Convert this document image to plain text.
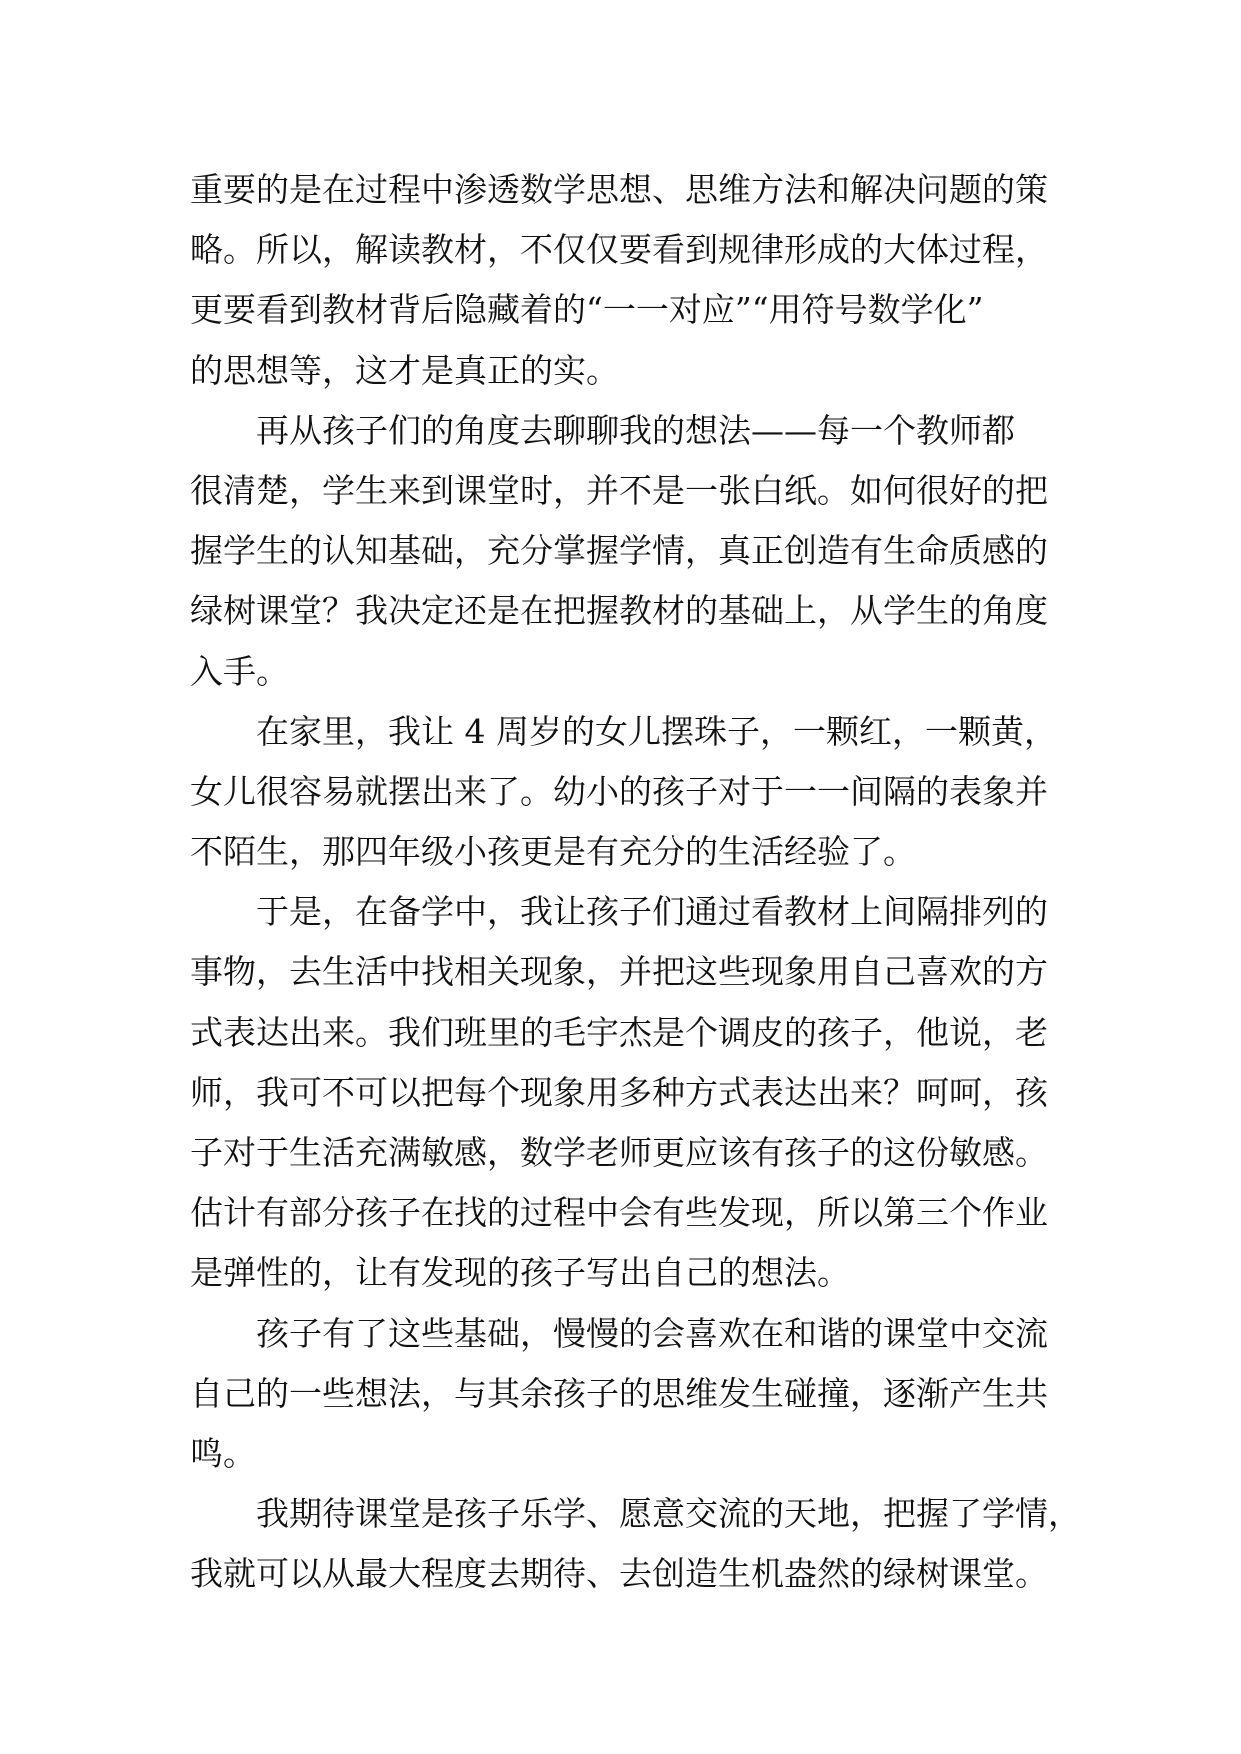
重要的是在过程中渗透数学思想、思维方法和解决问题的策
略。所以，解读教材，不仅仅要看到规律形成的大体过程，
更要看到教材背后隐藏着的“一一对应”“用符号数学化”
的思想等，这才是真正的实。
再从孩子们的角度去聊聊我的想法——每一个教师都
很清楚，学生来到课堂时，并不是一张白纸。如何很好的把
握学生的认知基础，充分掌握学情，真正创造有生命质感的
绿树课堂？我决定还是在把握教材的基础上，从学生的角度
入手。
在家里，我让 4 周岁的女儿摆珠子，一颗红，一颗黄，
女儿很容易就摆出来了。幼小的孩子对于一一间隔的表象并
不陌生，那四年级小孩更是有充分的生活经验了。
于是，在备学中，我让孩子们通过看教材上间隔排列的
事物，去生活中找相关现象，并把这些现象用自己喜欢的方
式表达出来。我们班里的毛宇杰是个调皮的孩子，他说，老
师，我可不可以把每个现象用多种方式表达出来？呵呵，孩
子对于生活充满敏感，数学老师更应该有孩子的这份敏感。
估计有部分孩子在找的过程中会有些发现，所以第三个作业
是弹性的，让有发现的孩子写出自己的想法。
孩子有了这些基础，慢慢的会喜欢在和谐的课堂中交流
自己的一些想法，与其余孩子的思维发生碰撞，逐渐产生共
鸣。
我期待课堂是孩子乐学、愿意交流的天地，把握了学情，
我就可以从最大程度去期待、去创造生机盎然的绿树课堂。
